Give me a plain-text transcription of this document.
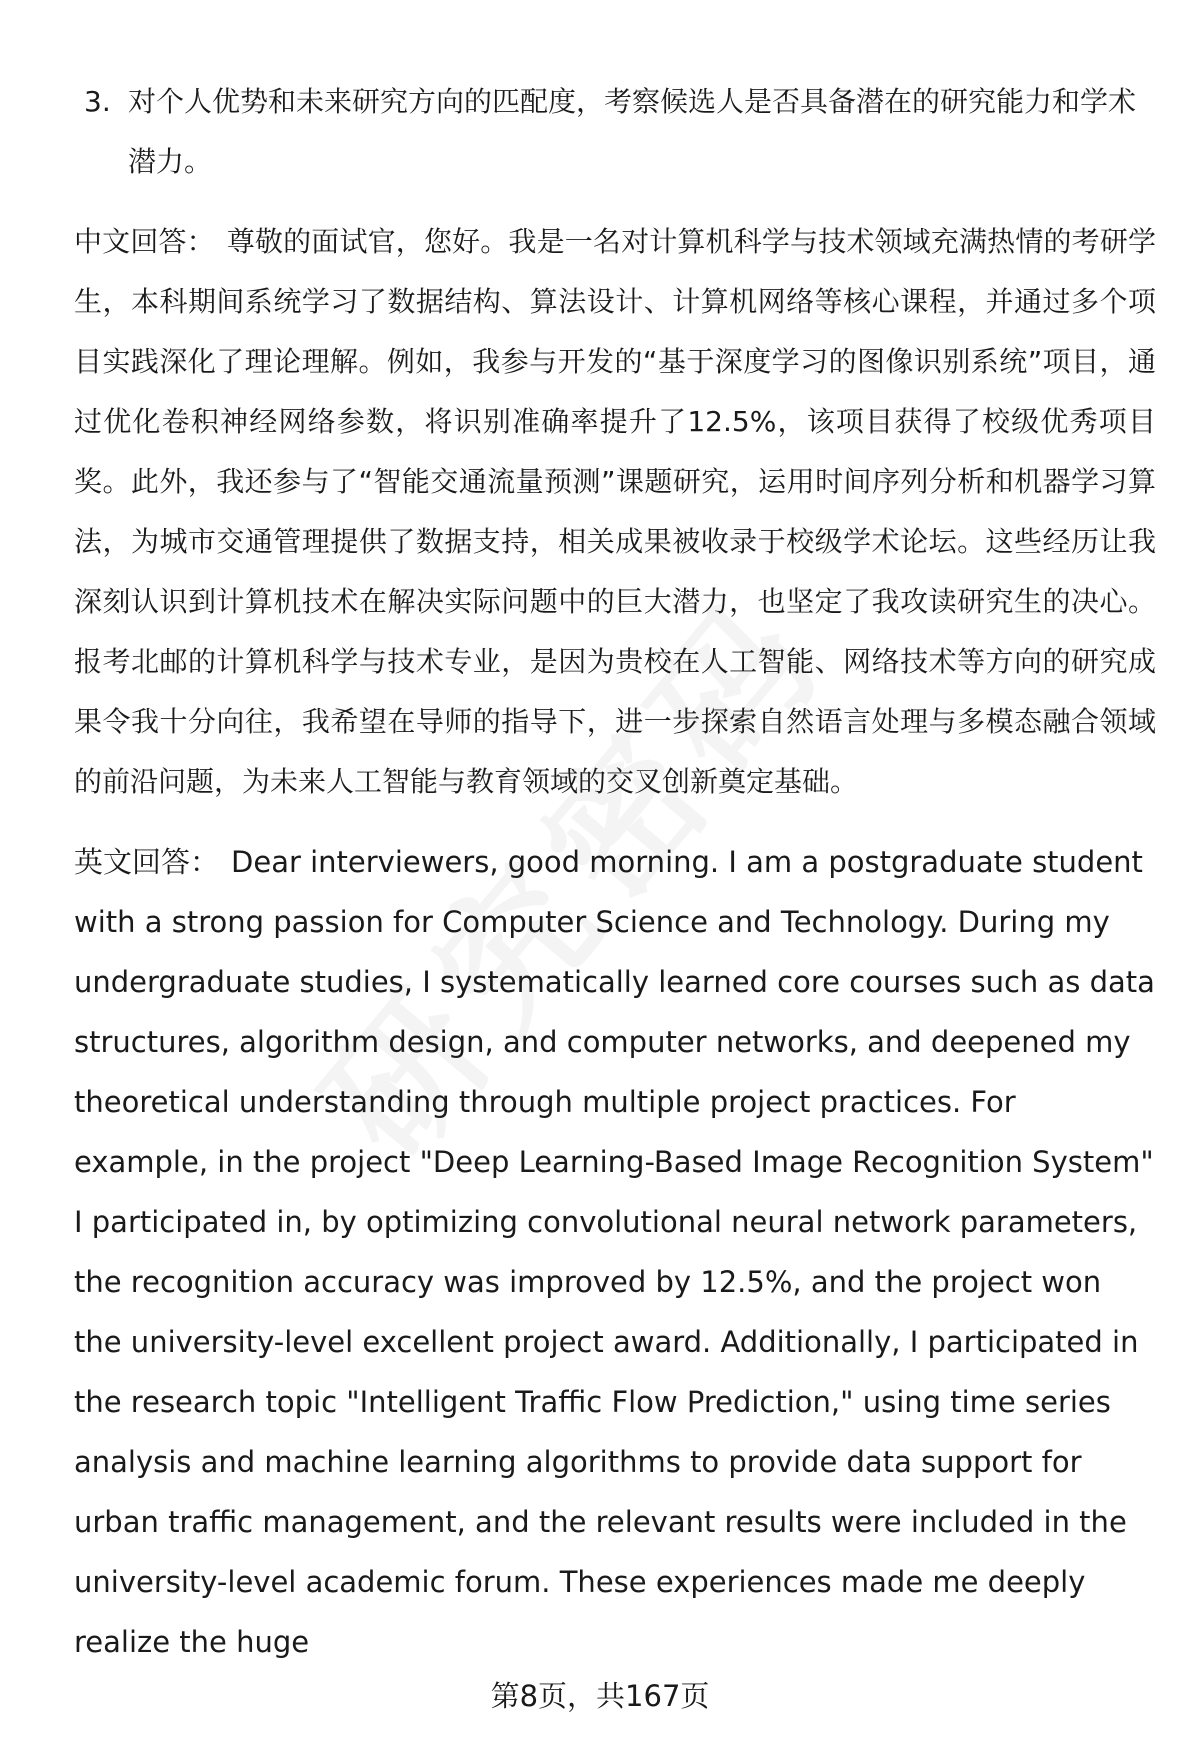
3. 对个人优势和未来研究方向的匹配度，考察候选人是否具备潜在的研究能力和学术潜力。

中文回答： 尊敬的面试官，您好。我是一名对计算机科学与技术领域充满热情的考研学生，本科期间系统学习了数据结构、算法设计、计算机网络等核心课程，并通过多个项目实践深化了理论理解。例如，我参与开发的“基于深度学习的图像识别系统”项目，通过优化卷积神经网络参数，将识别准确率提升了12.5%，该项目获得了校级优秀项目奖。此外，我还参与了“智能交通流量预测”课题研究，运用时间序列分析和机器学习算法，为城市交通管理提供了数据支持，相关成果被收录于校级学术论坛。这些经历让我深刻认识到计算机技术在解决实际问题中的巨大潜力，也坚定了我攻读研究生的决心。报考北邮的计算机科学与技术专业，是因为贵校在人工智能、网络技术等方向的研究成果令我十分向往，我希望在导师的指导下，进一步探索自然语言处理与多模态融合领域的前沿问题，为未来人工智能与教育领域的交叉创新奠定基础。

英文回答： Dear interviewers, good morning. I am a postgraduate student with a strong passion for Computer Science and Technology. During my undergraduate studies, I systematically learned core courses such as data structures, algorithm design, and computer networks, and deepened my theoretical understanding through multiple project practices. For example, in the project "Deep Learning-Based Image Recognition System" I participated in, by optimizing convolutional neural network parameters, the recognition accuracy was improved by 12.5%, and the project won the university-level excellent project award. Additionally, I participated in the research topic "Intelligent Traffic Flow Prediction," using time series analysis and machine learning algorithms to provide data support for urban traffic management, and the relevant results were included in the university-level academic forum. These experiences made me deeply realize the huge

第8页，共167页
